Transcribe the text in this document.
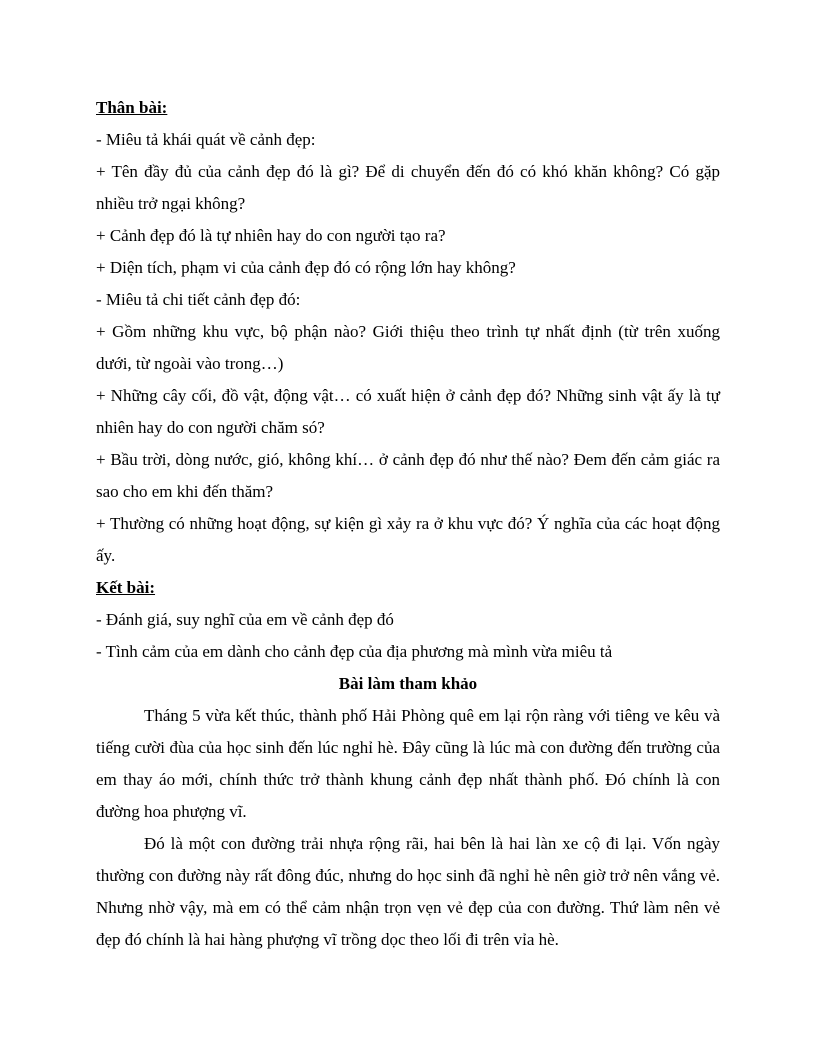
Thân bài:

- Miêu tả khái quát về cảnh đẹp:

+ Tên đầy đủ của cảnh đẹp đó là gì? Để di chuyển đến đó có khó khăn không? Có gặp nhiều trở ngại không?

+ Cảnh đẹp đó là tự nhiên hay do con người tạo ra?

+ Diện tích, phạm vi của cảnh đẹp đó có rộng lớn hay không?

- Miêu tả chi tiết cảnh đẹp đó:

+ Gồm những khu vực, bộ phận nào? Giới thiệu theo trình tự nhất định (từ trên xuống dưới, từ ngoài vào trong…)

+ Những cây cối, đồ vật, động vật… có xuất hiện ở cảnh đẹp đó? Những sinh vật ấy là tự nhiên hay do con người chăm só?

+ Bầu trời, dòng nước, gió, không khí… ở cảnh đẹp đó như thế nào? Đem đến cảm giác ra sao cho em khi đến thăm?

+ Thường có những hoạt động, sự kiện gì xảy ra ở khu vực đó? Ý nghĩa của các hoạt động ấy.

Kết bài:

- Đánh giá, suy nghĩ của em về cảnh đẹp đó

- Tình cảm của em dành cho cảnh đẹp của địa phương mà mình vừa miêu tả

Bài làm tham khảo

Tháng 5 vừa kết thúc, thành phố Hải Phòng quê em lại rộn ràng với tiêng ve kêu và tiếng cười đùa của học sinh đến lúc nghỉ hè. Đây cũng là lúc mà con đường đến trường của em thay áo mới, chính thức trở thành khung cảnh đẹp nhất thành phố. Đó chính là con đường hoa phượng vĩ.

Đó là một con đường trải nhựa rộng rãi, hai bên là hai làn xe cộ đi lại. Vốn ngày thường con đường này rất đông đúc, nhưng do học sinh đã nghỉ hè nên giờ trở nên vắng vẻ. Nhưng nhờ vậy, mà em có thể cảm nhận trọn vẹn vẻ đẹp của con đường. Thứ làm nên vẻ đẹp đó chính là hai hàng phượng vĩ trồng dọc theo lối đi trên vỉa hè.
